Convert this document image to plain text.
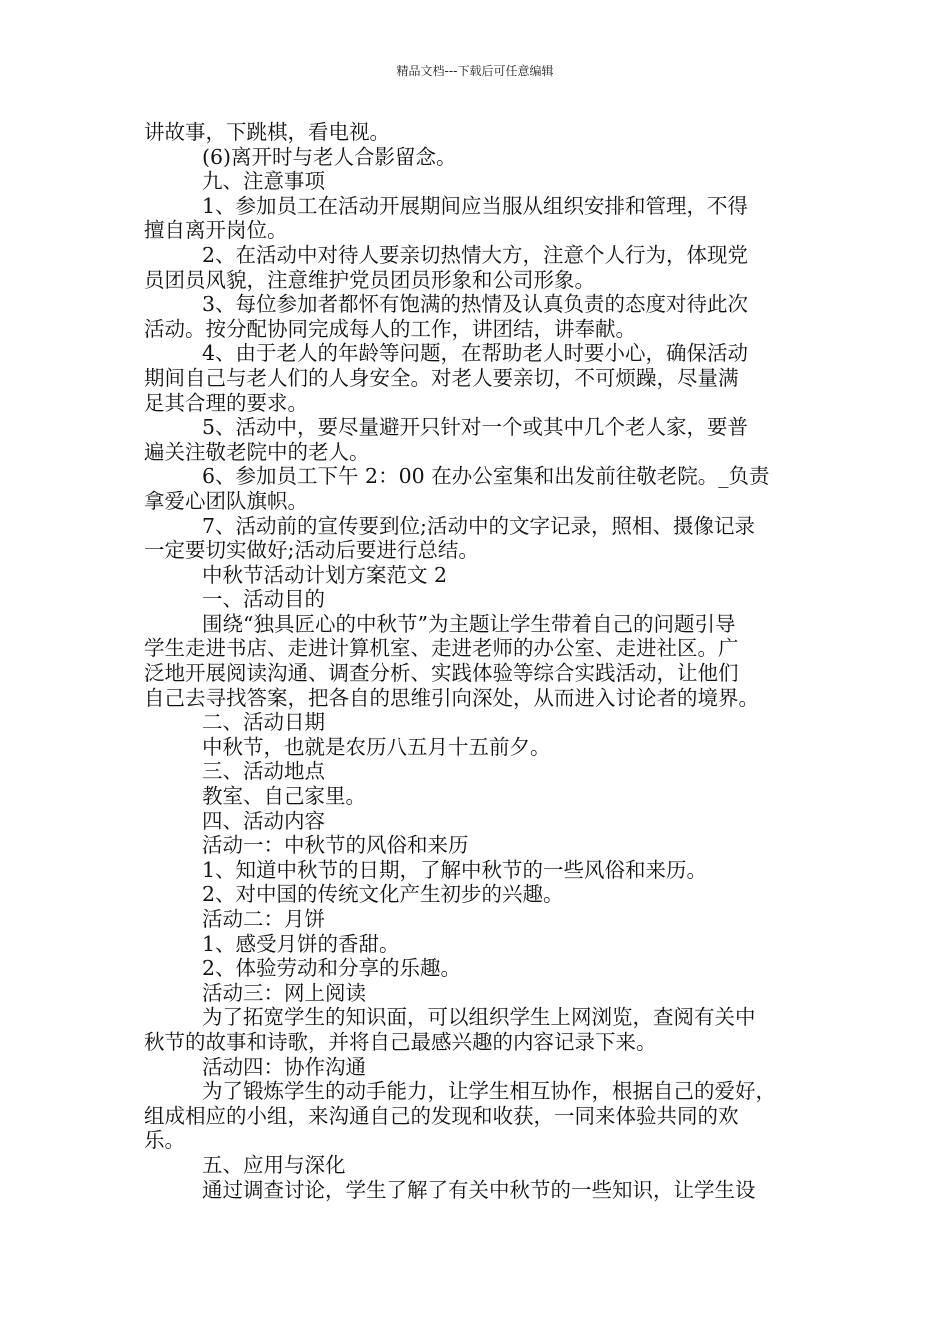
精品文档---下载后可任意编辑
讲故事，下跳棋，看电视。
(6)离开时与老人合影留念。
九、注意事项
1、参加员工在活动开展期间应当服从组织安排和管理，不得
擅自离开岗位。
2、在活动中对待人要亲切热情大方，注意个人行为，体现党
员团员风貌，注意维护党员团员形象和公司形象。
3、每位参加者都怀有饱满的热情及认真负责的态度对待此次
活动。按分配协同完成每人的工作，讲团结，讲奉献。
4、由于老人的年龄等问题，在帮助老人时要小心，确保活动
期间自己与老人们的人身安全。对老人要亲切，不可烦躁，尽量满
足其合理的要求。
5、活动中，要尽量避开只针对一个或其中几个老人家，要普
遍关注敬老院中的老人。
6、参加员工下午 2：00 在办公室集和出发前往敬老院。_负责
拿爱心团队旗帜。
7、活动前的宣传要到位;活动中的文字记录，照相、摄像记录
一定要切实做好;活动后要进行总结。
中秋节活动计划方案范文 2
一、活动目的
围绕“独具匠心的中秋节”为主题让学生带着自己的问题引导
学生走进书店、走进计算机室、走进老师的办公室、走进社区。广
泛地开展阅读沟通、调查分析、实践体验等综合实践活动，让他们
自己去寻找答案，把各自的思维引向深处，从而进入讨论者的境界。
二、活动日期
中秋节，也就是农历八五月十五前夕。
三、活动地点
教室、自己家里。
四、活动内容
活动一：中秋节的风俗和来历
1、知道中秋节的日期，了解中秋节的一些风俗和来历。
2、对中国的传统文化产生初步的兴趣。
活动二：月饼
1、感受月饼的香甜。
2、体验劳动和分享的乐趣。
活动三：网上阅读
为了拓宽学生的知识面，可以组织学生上网浏览，查阅有关中
秋节的故事和诗歌，并将自己最感兴趣的内容记录下来。
活动四：协作沟通
为了锻炼学生的动手能力，让学生相互协作，根据自己的爱好，
组成相应的小组，来沟通自己的发现和收获，一同来体验共同的欢
乐。
五、应用与深化
通过调查讨论，学生了解了有关中秋节的一些知识，让学生设
